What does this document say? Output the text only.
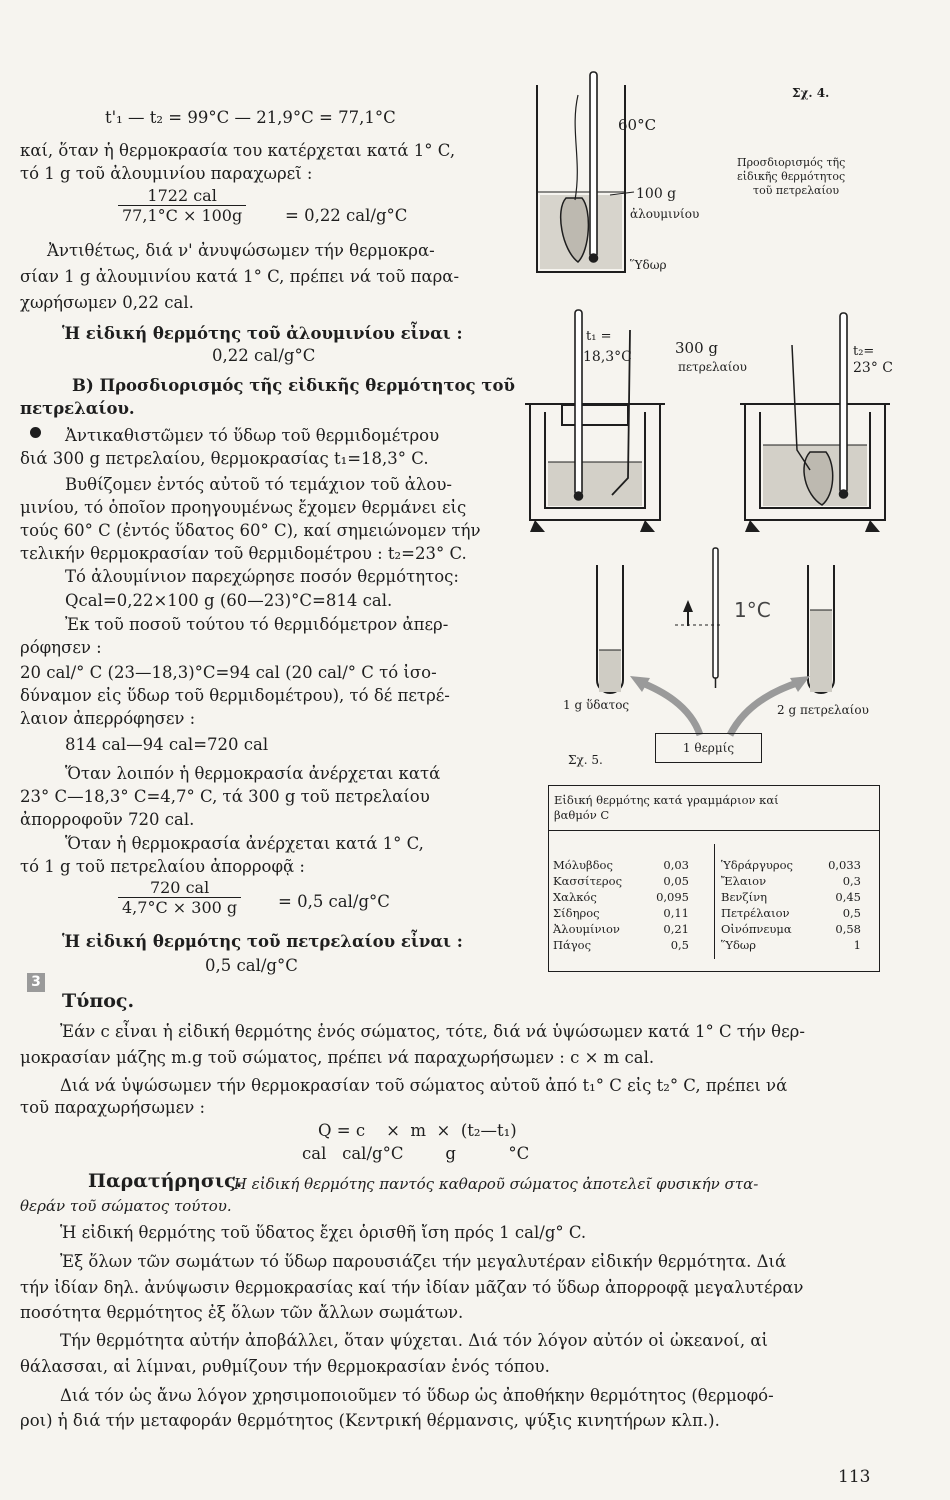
t'₁ — t₂ = 99°C — 21,9°C = 77,1°C
καί, ὅταν ἡ θερμοκρασία του κατέρχεται κατά 1° C,
τό 1 g τοῦ ἀλουμινίου παραχωρεῖ :
1722 cal
77,1°C × 100g	= 0,22 cal/g°C
Ἀντιθέτως, διά ν' ἀνυψώσωμεν τήν θερμοκρα-
σίαν 1 g ἀλουμινίου κατά 1° C, πρέπει νά τοῦ παρα-
χωρήσωμεν 0,22 cal.
Ἡ εἰδική θερμότης τοῦ ἀλουμινίου εἶναι :
0,22 cal/g°C
Β) Προσδιορισμός τῆς εἰδικῆς θερμότητος τοῦ
πετρελαίου.
Ἀντικαθιστῶμεν τό ὕδωρ τοῦ θερμιδομέτρου
διά 300 g πετρελαίου, θερμοκρασίας t₁=18,3° C.
Βυθίζομεν ἐντός αὐτοῦ τό τεμάχιον τοῦ ἀλου-
μινίου, τό ὁποῖον προηγουμένως ἔχομεν θερμάνει εἰς
τούς 60° C (ἐντός ὕδατος 60° C), καί σημειώνομεν τήν
τελικήν θερμοκρασίαν τοῦ θερμιδομέτρου : t₂=23° C.
Τό ἀλουμίνιον παρεχώρησε ποσόν θερμότητος:
Qcal=0,22×100 g (60—23)°C=814 cal.
Ἐκ τοῦ ποσοῦ τούτου τό θερμιδόμετρον ἀπερ-
ρόφησεν :
20 cal/° C (23—18,3)°C=94 cal (20 cal/° C τό ἰσο-
δύναμον εἰς ὕδωρ τοῦ θερμιδομέτρου), τό δέ πετρέ-
λαιον ἀπερρόφησεν :
814 cal—94 cal=720 cal
Ὅταν λοιπόν ἡ θερμοκρασία ἀνέρχεται κατά
23° C—18,3° C=4,7° C, τά 300 g τοῦ πετρελαίου
ἀπορροφοῦν 720 cal.
Ὅταν ἡ θερμοκρασία ἀνέρχεται κατά 1° C,
τό 1 g τοῦ πετρελαίου ἀπορροφᾷ :
720 cal
4,7°C × 300 g = 0,5 cal/g°C
Ἡ εἰδική θερμότης τοῦ πετρελαίου εἶναι :
0,5 cal/g°C
Σχ. 4.
60°C
100 g
ἀλουμινίου
Ὕδωρ
Προσδιορισμός τῆς
εἰδικῆς θερμότητος
τοῦ πετρελαίου
t₁ =
18,3°C	300 g
πετρελαίου
t₂=
23° C
1°C
1 g ὕδατος	2 g πετρελαίου
1 θερμίς
Σχ. 5.
Εἰδική θερμότης κατά γραμμάριον καί
βαθμόν C
Μόλυβδος	0,03
Κασσίτερος	0,05
Χαλκός	0,095
Σίδηρος	0,11
Ἀλουμίνιον	0,21
Πάγος	0,5
Ὑδράργυρος	0,033
Ἔλαιον	0,3
Βενζίνη	0,45
Πετρέλαιον	0,5
Οἰνόπνευμα	0,58
Ὕδωρ	1
3
Τύπος.
Ἐάν c εἶναι ἡ εἰδική θερμότης ἑνός σώματος, τότε, διά νά ὑψώσωμεν κατά 1° C τήν θερ-
μοκρασίαν μάζης m.g τοῦ σώματος, πρέπει νά παραχωρήσωμεν : c × m cal.
Διά νά ὑψώσωμεν τήν θερμοκρασίαν τοῦ σώματος αὐτοῦ ἀπό t₁° C εἰς t₂° C, πρέπει νά
τοῦ παραχωρήσωμεν :
Q = c    ×  m  ×  (t₂—t₁)
cal   cal/g°C        g          °C
Παρατήρησις.
Ἡ εἰδική θερμότης παντός καθαροῦ σώματος ἀποτελεῖ φυσικήν στα-
θεράν τοῦ σώματος τούτου.
Ἡ εἰδική θερμότης τοῦ ὕδατος ἔχει ὁρισθῆ ἴση πρός 1 cal/g° C.
Ἐξ ὅλων τῶν σωμάτων τό ὕδωρ παρουσιάζει τήν μεγαλυτέραν εἰδικήν θερμότητα. Διά
τήν ἰδίαν δηλ. ἀνύψωσιν θερμοκρασίας καί τήν ἰδίαν μᾶζαν τό ὕδωρ ἀπορροφᾷ μεγαλυτέραν
ποσότητα θερμότητος ἐξ ὅλων τῶν ἄλλων σωμάτων.
Τήν θερμότητα αὐτήν ἀποβάλλει, ὅταν ψύχεται. Διά τόν λόγον αὐτόν οἱ ὠκεανοί, αἱ
θάλασσαι, αἱ λίμναι, ρυθμίζουν τήν θερμοκρασίαν ἑνός τόπου.
Διά τόν ὡς ἄνω λόγον χρησιμοποιοῦμεν τό ὕδωρ ὡς ἀποθήκην θερμότητος (θερμοφό-
ροι) ἡ διά τήν μεταφοράν θερμότητος (Κεντρική θέρμανσις, ψύξις κινητήρων κλπ.).
113
